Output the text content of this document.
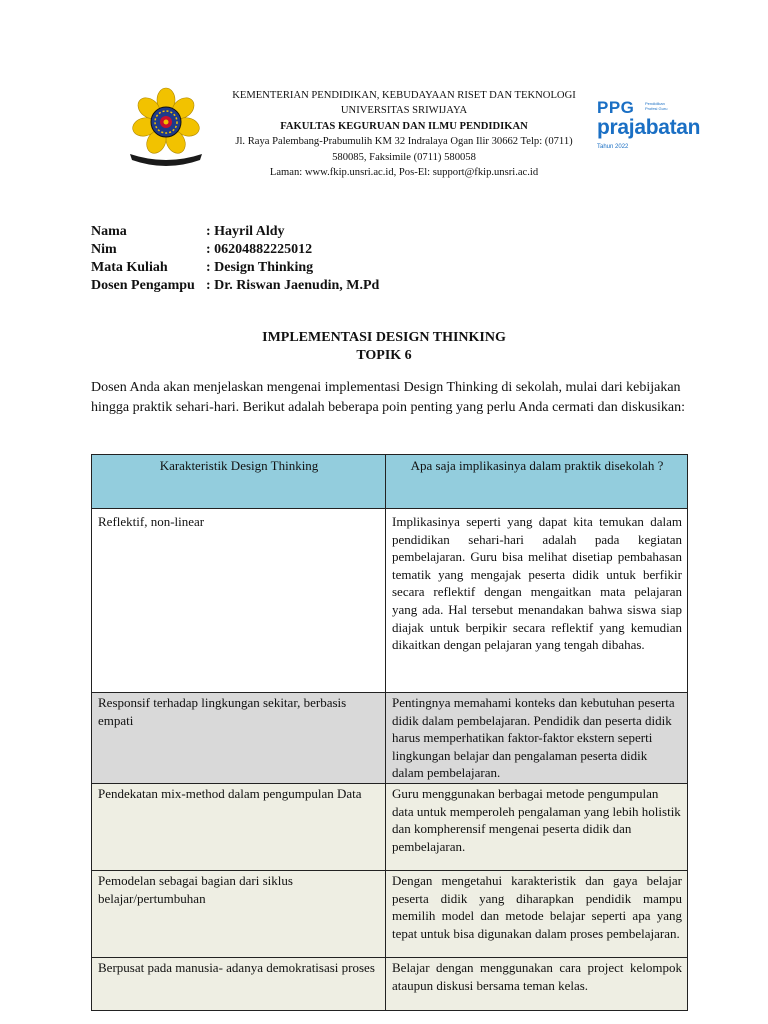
KEMENTERIAN PENDIDIKAN, KEBUDAYAAN RISET DAN TEKNOLOGI
UNIVERSITAS SRIWIJAYA
FAKULTAS KEGURUAN DAN ILMU PENDIDIKAN
Jl. Raya Palembang-Prabumulih KM 32 Indralaya Ogan Ilir 30662 Telp: (0711)
580085, Faksimile (0711) 580058
Laman: www.fkip.unsri.ac.id, Pos-El: support@fkip.unsri.ac.id
PPG	Pendidikan Profesi Guru
prajabatan
Tahun 2022
Nama	: Hayril Aldy
Nim	: 06204882225012
Mata Kuliah	: Design Thinking
Dosen Pengampu : Dr. Riswan Jaenudin, M.Pd
IMPLEMENTASI DESIGN THINKING
TOPIK 6
Dosen Anda akan menjelaskan mengenai implementasi Design Thinking di sekolah, mulai dari kebijakan hingga praktik sehari-hari. Berikut adalah beberapa poin penting yang perlu Anda cermati dan diskusikan:
Karakteristik Design Thinking	Apa saja implikasinya dalam praktik disekolah ?
Reflektif, non-linear	Implikasinya seperti yang dapat kita temukan dalam pendidikan sehari-hari adalah pada kegiatan pembelajaran. Guru bisa melihat disetiap pembahasan tematik yang mengajak peserta didik untuk berfikir secara reflektif dengan mengaitkan mata pelajaran yang ada. Hal tersebut menandakan bahwa siswa siap diajak untuk berpikir secara reflektif yang kemudian dikaitkan dengan pelajaran yang tengah dibahas.
Responsif terhadap lingkungan sekitar, berbasis empati	Pentingnya memahami konteks dan kebutuhan peserta didik dalam pembelajaran. Pendidik dan peserta didik harus memperhatikan faktor-faktor ekstern seperti lingkungan belajar dan pengalaman peserta didik dalam pembelajaran.
Pendekatan mix-method dalam pengumpulan Data	Guru menggunakan berbagai metode pengumpulan data untuk memperoleh pengalaman yang lebih holistik dan kompherensif mengenai peserta didik dan pembelajaran.
Pemodelan sebagai bagian dari siklus belajar/pertumbuhan	Dengan mengetahui karakteristik dan gaya belajar peserta didik yang diharapkan pendidik mampu memilih model dan metode belajar seperti apa yang tepat untuk bisa digunakan dalam proses pembelajaran.
Berpusat pada manusia- adanya demokratisasi proses	Belajar dengan menggunakan cara project kelompok ataupun diskusi bersama teman kelas.
